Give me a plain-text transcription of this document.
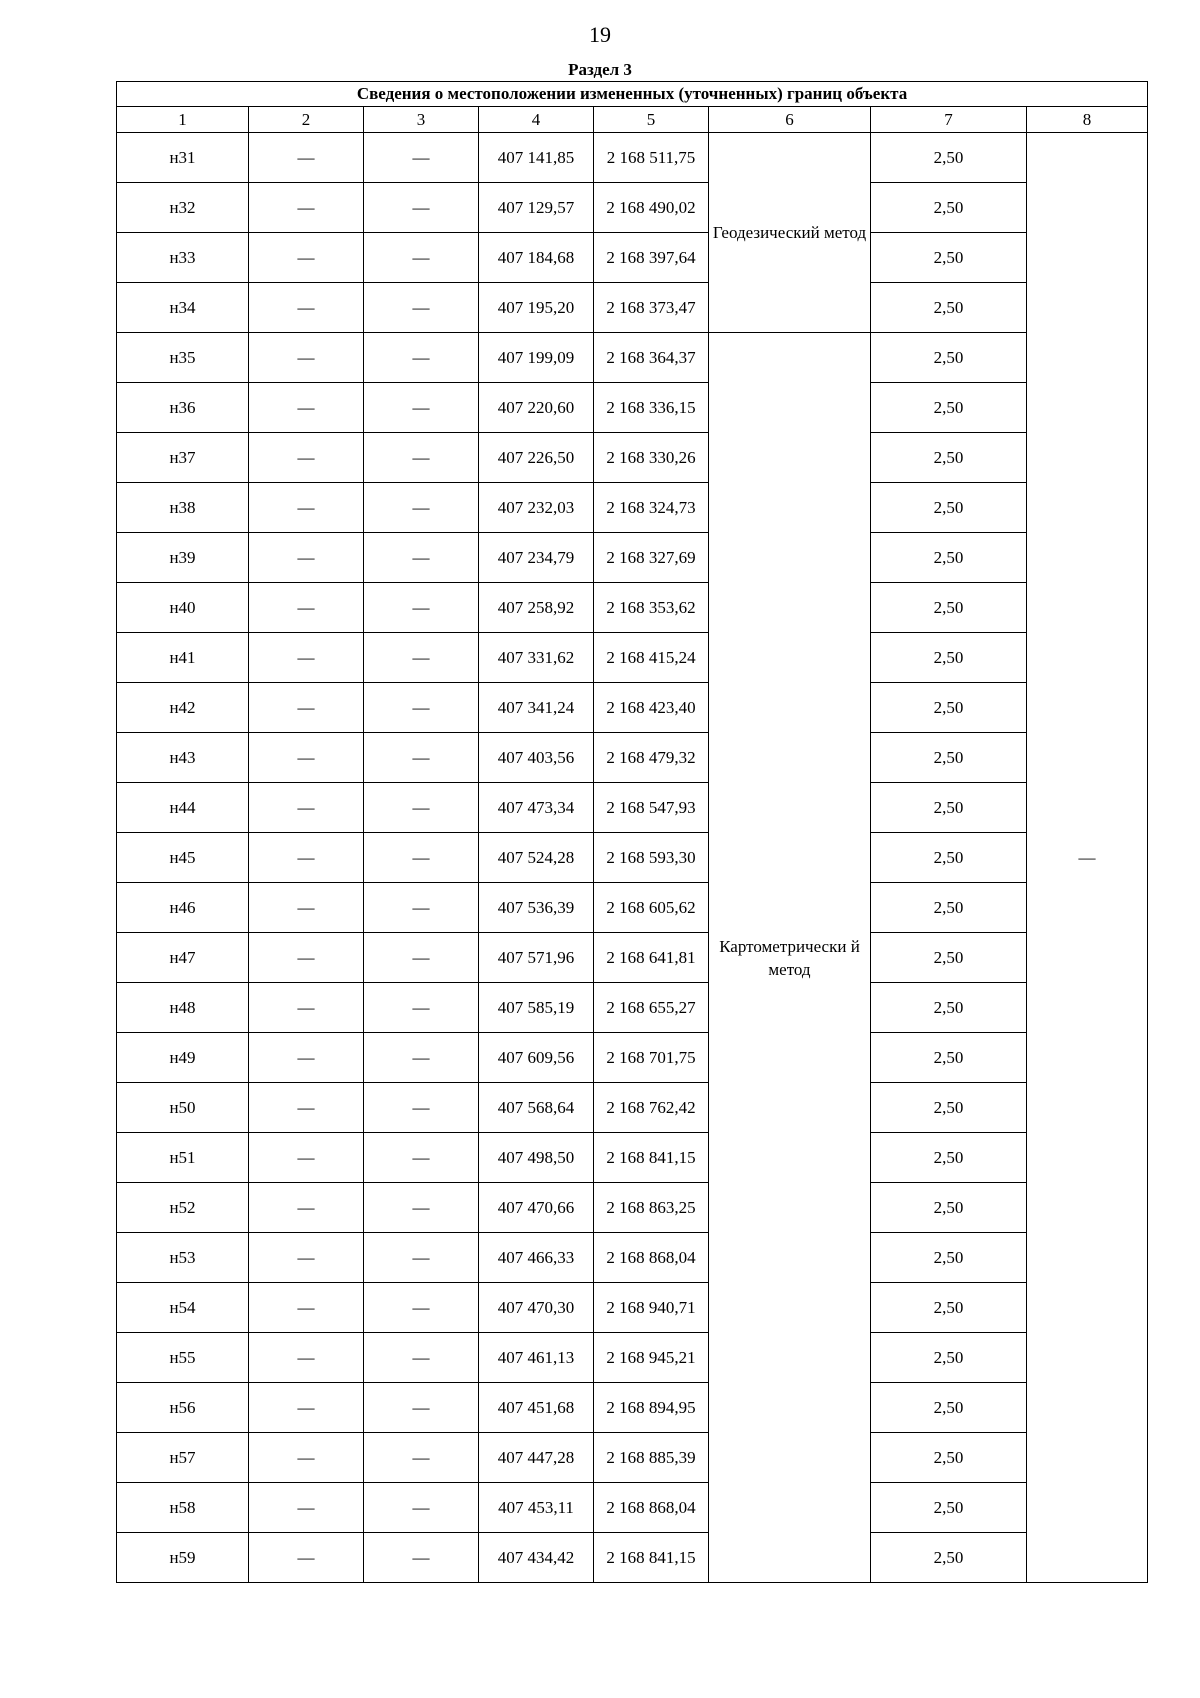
19
Раздел 3
Сведения о местоположении измененных (уточненных) границ объекта							
1	2	3	4	5	6	7	8
н31	—	—	407 141,85	2 168 511,75	Геодезический метод	2,50	—
н32	—	—	407 129,57	2 168 490,02		2,50	
н33	—	—	407 184,68	2 168 397,64		2,50	
н34	—	—	407 195,20	2 168 373,47		2,50	
н35	—	—	407 199,09	2 168 364,37	Картометрически й метод	2,50	
н36	—	—	407 220,60	2 168 336,15		2,50	
н37	—	—	407 226,50	2 168 330,26		2,50	
н38	—	—	407 232,03	2 168 324,73		2,50	
н39	—	—	407 234,79	2 168 327,69		2,50	
н40	—	—	407 258,92	2 168 353,62		2,50	
н41	—	—	407 331,62	2 168 415,24		2,50	
н42	—	—	407 341,24	2 168 423,40		2,50	
н43	—	—	407 403,56	2 168 479,32		2,50	
н44	—	—	407 473,34	2 168 547,93		2,50	
н45	—	—	407 524,28	2 168 593,30		2,50	
н46	—	—	407 536,39	2 168 605,62		2,50	
н47	—	—	407 571,96	2 168 641,81		2,50	
н48	—	—	407 585,19	2 168 655,27		2,50	
н49	—	—	407 609,56	2 168 701,75		2,50	
н50	—	—	407 568,64	2 168 762,42		2,50	
н51	—	—	407 498,50	2 168 841,15		2,50	
н52	—	—	407 470,66	2 168 863,25		2,50	
н53	—	—	407 466,33	2 168 868,04		2,50	
н54	—	—	407 470,30	2 168 940,71		2,50	
н55	—	—	407 461,13	2 168 945,21		2,50	
н56	—	—	407 451,68	2 168 894,95		2,50	
н57	—	—	407 447,28	2 168 885,39		2,50	
н58	—	—	407 453,11	2 168 868,04		2,50	
н59	—	—	407 434,42	2 168 841,15		2,50	
